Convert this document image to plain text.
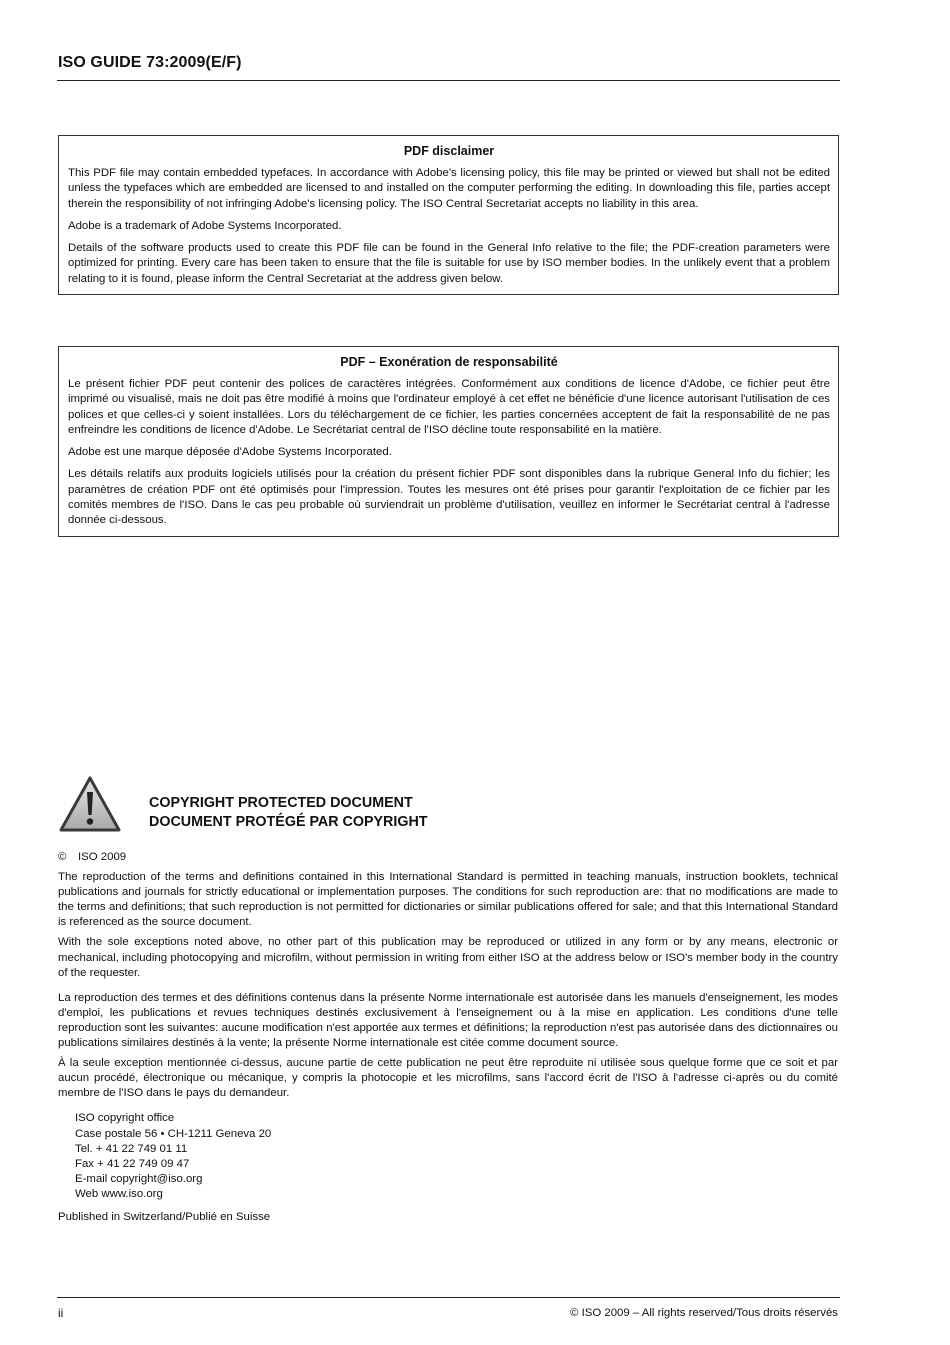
ISO GUIDE 73:2009(E/F)
PDF disclaimer

This PDF file may contain embedded typefaces. In accordance with Adobe's licensing policy, this file may be printed or viewed but shall not be edited unless the typefaces which are embedded are licensed to and installed on the computer performing the editing. In downloading this file, parties accept therein the responsibility of not infringing Adobe's licensing policy. The ISO Central Secretariat accepts no liability in this area.

Adobe is a trademark of Adobe Systems Incorporated.

Details of the software products used to create this PDF file can be found in the General Info relative to the file; the PDF-creation parameters were optimized for printing. Every care has been taken to ensure that the file is suitable for use by ISO member bodies. In the unlikely event that a problem relating to it is found, please inform the Central Secretariat at the address given below.

PDF – Exonération de responsabilité

Le présent fichier PDF peut contenir des polices de caractères intégrées. Conformément aux conditions de licence d'Adobe, ce fichier peut être imprimé ou visualisé, mais ne doit pas être modifié à moins que l'ordinateur employé à cet effet ne bénéficie d'une licence autorisant l'utilisation de ces polices et que celles-ci y soient installées. Lors du téléchargement de ce fichier, les parties concernées acceptent de fait la responsabilité de ne pas enfreindre les conditions de licence d'Adobe. Le Secrétariat central de l'ISO décline toute responsabilité en la matière.

Adobe est une marque déposée d'Adobe Systems Incorporated.

Les détails relatifs aux produits logiciels utilisés pour la création du présent fichier PDF sont disponibles dans la rubrique General Info du fichier; les paramètres de création PDF ont été optimisés pour l'impression. Toutes les mesures ont été prises pour garantir l'exploitation de ce fichier par les comités membres de l'ISO. Dans le cas peu probable où surviendrait un problème d'utilisation, veuillez en informer le Secrétariat central à l'adresse donnée ci-dessous.

COPYRIGHT PROTECTED DOCUMENT
DOCUMENT PROTÉGÉ PAR COPYRIGHT

© ISO 2009

The reproduction of the terms and definitions contained in this International Standard is permitted in teaching manuals, instruction booklets, technical publications and journals for strictly educational or implementation purposes. The conditions for such reproduction are: that no modifications are made to the terms and definitions; that such reproduction is not permitted for dictionaries or similar publications offered for sale; and that this International Standard is referenced as the source document.

With the sole exceptions noted above, no other part of this publication may be reproduced or utilized in any form or by any means, electronic or mechanical, including photocopying and microfilm, without permission in writing from either ISO at the address below or ISO's member body in the country of the requester.

La reproduction des termes et des définitions contenus dans la présente Norme internationale est autorisée dans les manuels d'enseignement, les modes d'emploi, les publications et revues techniques destinés exclusivement à l'enseignement ou à la mise en application. Les conditions d'une telle reproduction sont les suivantes: aucune modification n'est apportée aux termes et définitions; la reproduction n'est pas autorisée dans des dictionnaires ou publications similaires destinés à la vente; la présente Norme internationale est citée comme document source.

À la seule exception mentionnée ci-dessus, aucune partie de cette publication ne peut être reproduite ni utilisée sous quelque forme que ce soit et par aucun procédé, électronique ou mécanique, y compris la photocopie et les microfilms, sans l'accord écrit de l'ISO à l'adresse ci-après ou du comité membre de l'ISO dans le pays du demandeur.

ISO copyright office
Case postale 56 • CH-1211 Geneva 20
Tel. + 41 22 749 01 11
Fax + 41 22 749 09 47
E-mail copyright@iso.org
Web www.iso.org

Published in Switzerland/Publié en Suisse

ii	© ISO 2009 – All rights reserved/Tous droits réservés
